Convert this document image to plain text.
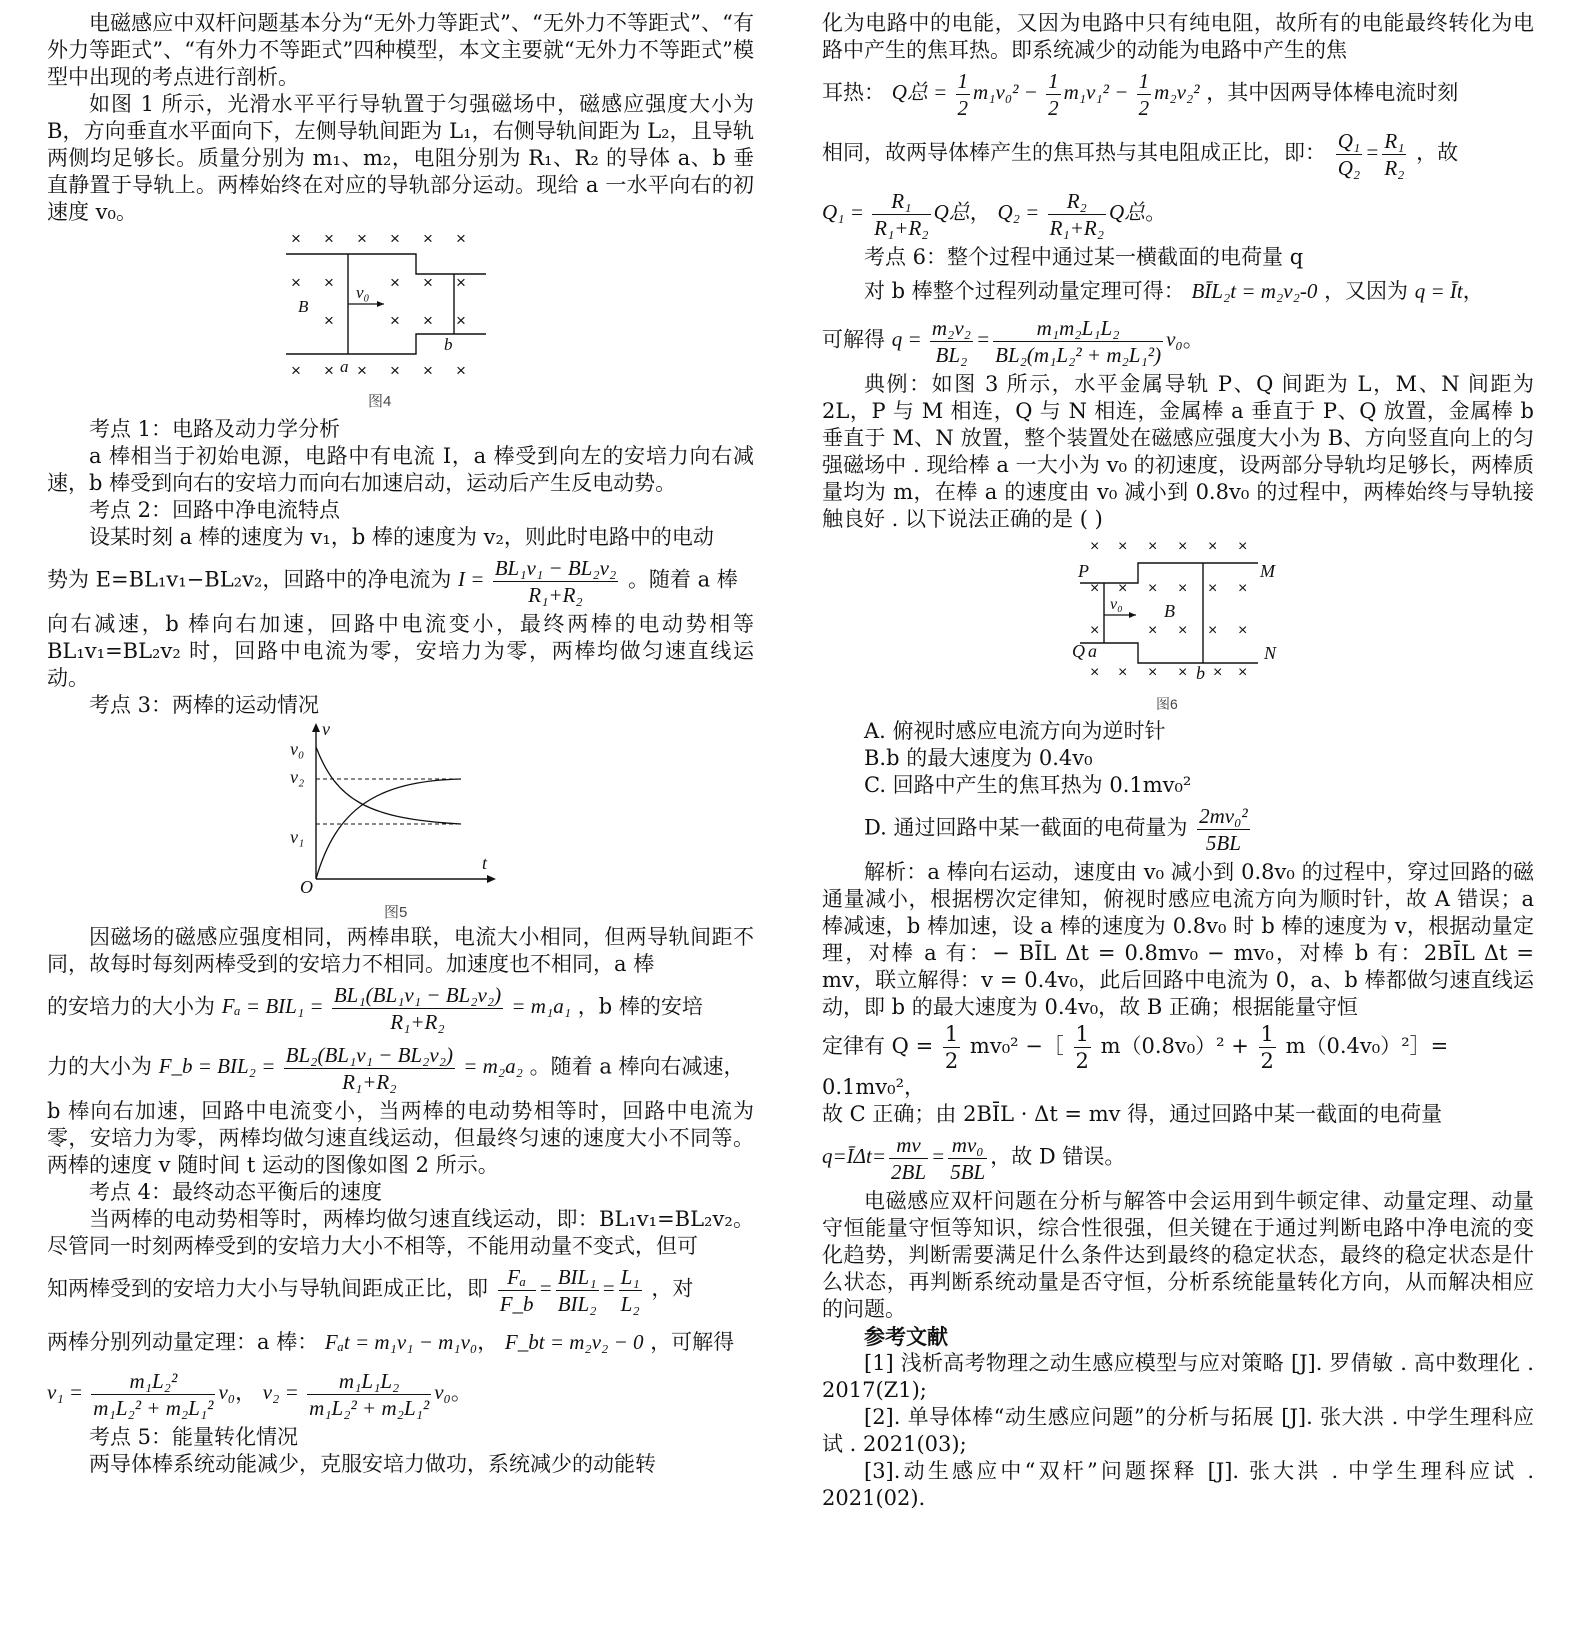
电磁感应中双杆问题基本分为“无外力等距式”、“无外力不等距式”、“有外力等距式”、“有外力不等距式”四种模型，本文主要就“无外力不等距式”模型中出现的考点进行剖析。

如图 1 所示，光滑水平平行导轨置于匀强磁场中，磁感应强度大小为 B，方向垂直水平面向下，左侧导轨间距为 L₁，右侧导轨间距为 L₂，且导轨两侧均足够长。质量分别为 m₁、m₂，电阻分别为 R₁、R₂ 的导体 a、b 垂直静置于导轨上。两棒始终在对应的导轨部分运动。现给 a 一水平向右的初速度 v₀。

× × × × × ×
× ×	× × ×
×	× × ×
× × × × × ×
B
v₀
a
b
图4

考点 1：电路及动力学分析

a 棒相当于初始电源，电路中有电流 I，a 棒受到向左的安培力向右减速，b 棒受到向右的安培力而向右加速启动，运动后产生反电动势。

考点 2：回路中净电流特点

设某时刻 a 棒的速度为 v₁，b 棒的速度为 v₂，则此时电路中的电动

势为 E=BL₁v₁−BL₂v₂，回路中的净电流为 $I = \frac{\text{BL₁v₁ − BL₂v₂}}{\text{R₁+R₂}}$ 。随着 a 棒

向右减速，b 棒向右加速，回路中电流变小，最终两棒的电动势相等 BL₁v₁=BL₂v₂ 时，回路中电流为零，安培力为零，两棒均做匀速直线运动。

考点 3：两棒的运动情况

v
v₀
v₂
v₁
O
t
图5

因磁场的磁感应强度相同，两棒串联，电流大小相同，但两导轨间距不同，故每时每刻两棒受到的安培力不相同。加速度也不相同，a 棒

的安培力的大小为 $F_a = BIL_1 = \frac{\text{BL₁(BL₁v₁ − BL₂v₂)}}{\text{R₁+R₂}} = m_1a_1$ ，b 棒的安培
力的大小为 F_b = $BIL_2 = \frac{\text{BL₂(BL₁v₁ − BL₂v₂)}}{\text{R₁+R₂}} = m_2a_2$ 。随着 a 棒向右减速，

b 棒向右加速，回路中电流变小，当两棒的电动势相等时，回路中电流为零，安培力为零，两棒均做匀速直线运动，但最终匀速的速度大小不同等。两棒的速度 v 随时间 t 运动的图像如图 2 所示。

考点 4：最终动态平衡后的速度

当两棒的电动势相等时，两棒均做匀速直线运动，即：BL₁v₁=BL₂v₂。尽管同一时刻两棒受到的安培力大小不相等，不能用动量不变式，但可

知两棒受到的安培力大小与导轨间距成正比，即 $\frac{\text{Fₐ}}{F\_b} = \frac{\text{BIL₁}}{\text{BIL₂}} = \frac{\text{L₁}}{\text{L₂}}$ ，对
两棒分别列动量定理：a 棒： Fₐt = m₁v₁ − m₁v₀， F_bt = m₂v₂ − 0 ，可解得
$v_1 = \frac{\text{m₁L₂²}}{\text{m₁L₂² + m₂L₁²}} v_0$， $v_2 = \frac{\text{m₁L₁L₂}}{\text{m₁L₂² + m₂L₁²}} v_0$。

考点 5：能量转化情况

两导体棒系统动能减少，克服安培力做功，系统减少的动能转

化为电路中的电能，又因为电路中只有纯电阻，故所有的电能最终转化为电路中产生的焦耳热。即系统减少的动能为电路中产生的焦

耳热： Q总 = $\frac{1}{2} m_1v_0^2 - \frac{1}{2} m_1v_1^2 - \frac{1}{2} m_2v_2^2$ ，其中因两导体棒电流时刻
相同，故两导体棒产生的焦耳热与其电阻成正比，即： $\frac{\text{Q₁}}{\text{Q₂}} = \frac{\text{R₁}}{\text{R₂}}$ ，故
$Q_1 = \frac{\text{R₁}}{\text{R₁+R₂}}$ Q总， $Q_2 = \frac{\text{R₂}}{\text{R₁+R₂}}$ Q总。

考点 6：整个过程中通过某一横截面的电荷量 q

对 b 棒整个过程列动量定理可得： BĪL₂t = m₂v₂-0 ，又因为 q = Īt，
可解得 $q = \frac{\text{m₂v₂}}{\text{BL₂}} = \frac{\text{m₁m₂L₁L₂}}{\text{BL₂(m₁L₂² + m₂L₁²)}} v_0$。

典例：如图 3 所示，水平金属导轨 P、Q 间距为 L，M、N 间距为 2L，P 与 M 相连，Q 与 N 相连，金属棒 a 垂直于 P、Q 放置，金属棒 b 垂直于 M、N 放置，整个装置处在磁感应强度大小为 B、方向竖直向上的匀强磁场中 . 现给棒 a 一大小为 v₀ 的初速度，设两部分导轨均足够长，两棒质量均为 m，在棒 a 的速度由 v₀ 减小到 0.8v₀ 的过程中，两棒始终与导轨接触良好 . 以下说法正确的是 ( )

× × × × × ×
× × × × × ×
×	× × × ×
× × × × × ×
P
Q a
M
N
b
B
v₀
图6

A. 俯视时感应电流方向为逆时针

B.b 的最大速度为 0.4v₀

C. 回路中产生的焦耳热为 0.1mv₀²

D. 通过回路中某一截面的电荷量为 $\frac{\text{2mv₀²}}{5BL}$

解析：a 棒向右运动，速度由 v₀ 减小到 0.8v₀ 的过程中，穿过回路的磁通量减小，根据楞次定律知，俯视时感应电流方向为顺时针，故 A 错误；a 棒减速，b 棒加速，设 a 棒的速度为 0.8v₀ 时 b 棒的速度为 v，根据动量定理，对棒 a 有：− BĪL Δt = 0.8mv₀ − mv₀，对棒 b 有：2BĪL Δt = mv，联立解得：v = 0.4v₀，此后回路中电流为 0，a、b 棒都做匀速直线运动，即 b 的最大速度为 0.4v₀，故 B 正确；根据能量守恒

定律有 $Q = \frac{1}{2} mv_0^2$ −［ $\frac{1}{2} m(0.8v_0)^2 + \frac{1}{2}$ m（0.4v₀）²］= 0.1mv₀²，

故 C 正确；由 2BĪL · Δt = mv 得，通过回路中某一截面的电荷量

q=ĪΔt= $\frac{mv}{2BL} = \frac{\text{mv₀}}{5BL}$ ，故 D 错误。

电磁感应双杆问题在分析与解答中会运用到牛顿定律、动量定理、动量守恒能量守恒等知识，综合性很强，但关键在于通过判断电路中净电流的变化趋势，判断需要满足什么条件达到最终的稳定状态，最终的稳定状态是什么状态，再判断系统动量是否守恒，分析系统能量转化方向，从而解决相应的问题。

参考文献

[1] 浅析高考物理之动生感应模型与应对策略 [J]. 罗倩敏 . 高中数理化 . 2017(Z1);

[2]. 单导体棒“动生感应问题”的分析与拓展 [J]. 张大洪 . 中学生理科应试 . 2021(03);

[3].动生感应中“双杆”问题探释 [J]. 张大洪 . 中学生理科应试 . 2021(02).
